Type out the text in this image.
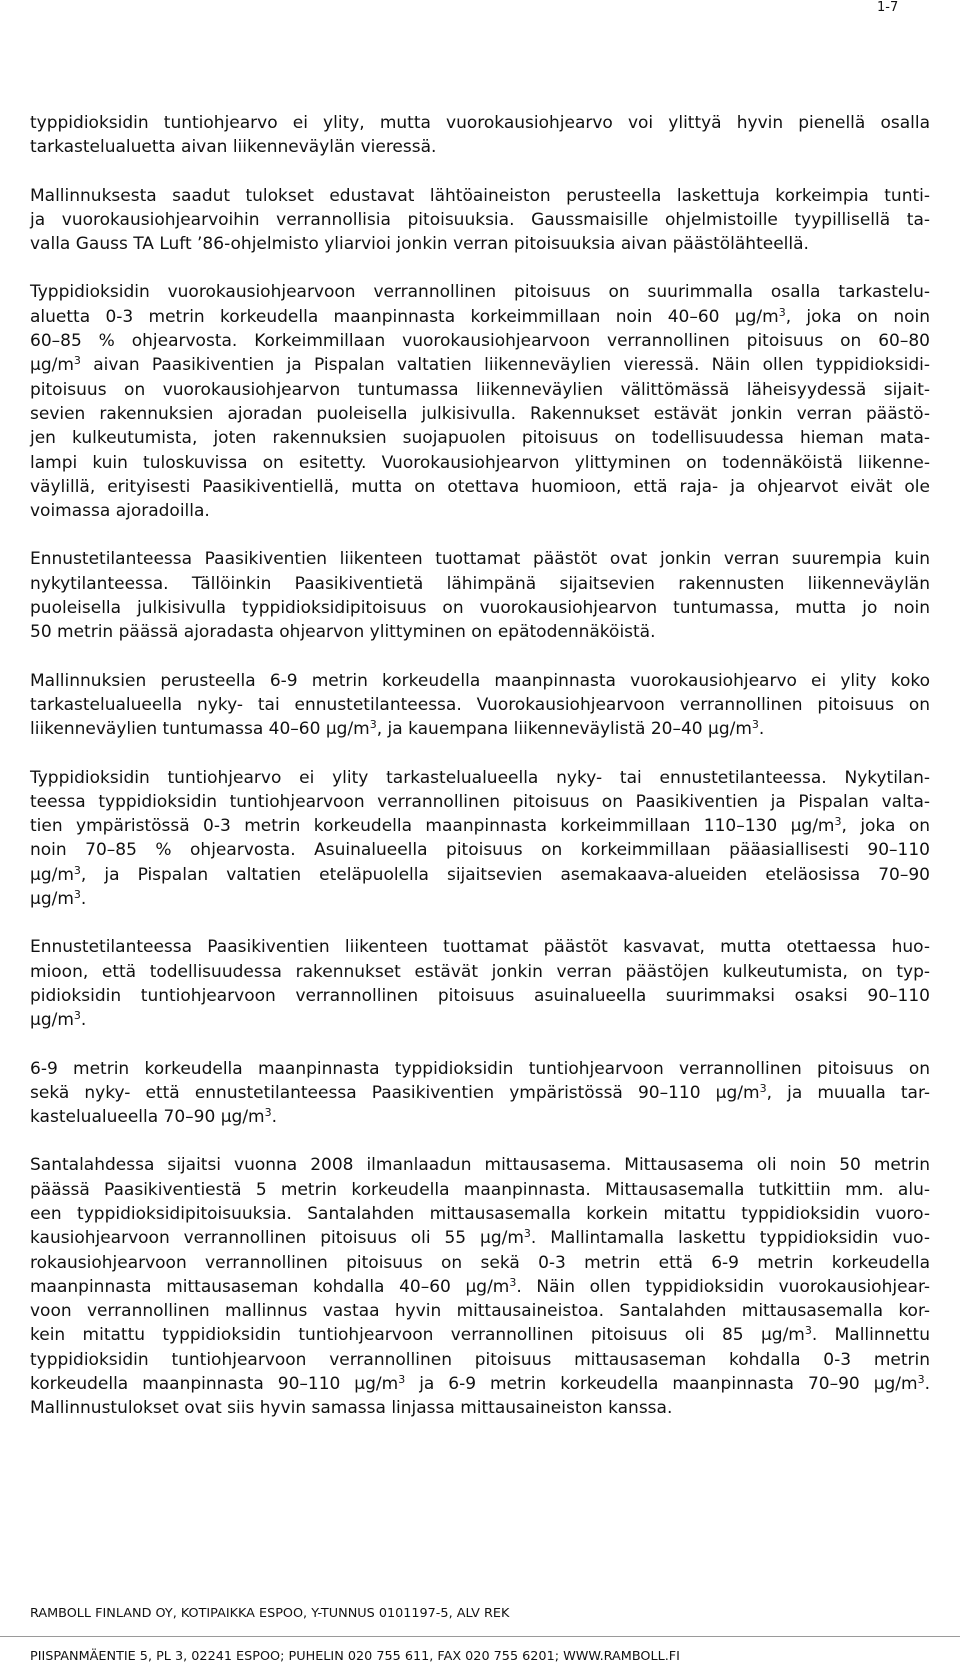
1-7
typpidioksidin tuntiohjearvo ei ylity, mutta vuorokausiohjearvo voi ylittyä hyvin pienellä osalla
tarkastelualuetta aivan liikenneväylän vieressä.
Mallinnuksesta saadut tulokset edustavat lähtöaineiston perusteella laskettuja korkeimpia tunti-
ja vuorokausiohjearvoihin verrannollisia pitoisuuksia. Gaussmaisille ohjelmistoille tyypillisellä ta-
valla Gauss TA Luft ’86-ohjelmisto yliarvioi jonkin verran pitoisuuksia aivan päästölähteellä.
Typpidioksidin vuorokausiohjearvoon verrannollinen pitoisuus on suurimmalla osalla tarkastelu-
aluetta 0-3 metrin korkeudella maanpinnasta korkeimmillaan noin 40–60 $\mu g/m^3$, joka on noin
60–85 % ohjearvosta. Korkeimmillaan vuorokausiohjearvoon verrannollinen pitoisuus on 60–80
$\mu g/m^3$ aivan Paasikiventien ja Pispalan valtatien liikenneväylien vieressä. Näin ollen typpidioksidi-
pitoisuus on vuorokausiohjearvon tuntumassa liikenneväylien välittömässä läheisyydessä sijait-
sevien rakennuksien ajoradan puoleisella julkisivulla. Rakennukset estävät jonkin verran päästö-
jen kulkeutumista, joten rakennuksien suojapuolen pitoisuus on todellisuudessa hieman mata-
lampi kuin tuloskuvissa on esitetty. Vuorokausiohjearvon ylittyminen on todennäköistä liikenne-
väylillä, erityisesti Paasikiventiellä, mutta on otettava huomioon, että raja- ja ohjearvot eivät ole
voimassa ajoradoilla.
Ennustetilanteessa Paasikiventien liikenteen tuottamat päästöt ovat jonkin verran suurempia kuin
nykytilanteessa. Tällöinkin Paasikiventietä lähimpänä sijaitsevien rakennusten liikenneväylän
puoleisella julkisivulla typpidioksidipitoisuus on vuorokausiohjearvon tuntumassa, mutta jo noin
50 metrin päässä ajoradasta ohjearvon ylittyminen on epätodennäköistä.
Mallinnuksien perusteella 6-9 metrin korkeudella maanpinnasta vuorokausiohjearvo ei ylity koko
tarkastelualueella nyky- tai ennustetilanteessa. Vuorokausiohjearvoon verrannollinen pitoisuus on
liikenneväylien tuntumassa 40–60 $\mu g/m^3$, ja kauempana liikenneväylistä 20–40 $\mu g/m^3$.
Typpidioksidin tuntiohjearvo ei ylity tarkastelualueella nyky- tai ennustetilanteessa. Nykytilan-
teessa typpidioksidin tuntiohjearvoon verrannollinen pitoisuus on Paasikiventien ja Pispalan valta-
tien ympäristössä 0-3 metrin korkeudella maanpinnasta korkeimmillaan 110–130 $\mu g/m^3$, joka on
noin 70–85 % ohjearvosta. Asuinalueella pitoisuus on korkeimmillaan pääasiallisesti 90–110
$\mu g/m^3$, ja Pispalan valtatien eteläpuolella sijaitsevien asemakaava-alueiden eteläosissa 70–90
$\mu g/m^3$.
Ennustetilanteessa Paasikiventien liikenteen tuottamat päästöt kasvavat, mutta otettaessa huo-
mioon, että todellisuudessa rakennukset estävät jonkin verran päästöjen kulkeutumista, on typ-
pidioksidin tuntiohjearvoon verrannollinen pitoisuus asuinalueella suurimmaksi osaksi 90–110
$\mu g/m^3$.
6-9 metrin korkeudella maanpinnasta typpidioksidin tuntiohjearvoon verrannollinen pitoisuus on
sekä nyky- että ennustetilanteessa Paasikiventien ympäristössä 90–110 $\mu g/m^3$, ja muualla tar-
kastelualueella 70–90 $\mu g/m^3$.
Santalahdessa sijaitsi vuonna 2008 ilmanlaadun mittausasema. Mittausasema oli noin 50 metrin
päässä Paasikiventiestä 5 metrin korkeudella maanpinnasta. Mittausasemalla tutkittiin mm. alu-
een typpidioksidipitoisuuksia. Santalahden mittausasemalla korkein mitattu typpidioksidin vuoro-
kausiohjearvoon verrannollinen pitoisuus oli 55 $\mu g/m^3$. Mallintamalla laskettu typpidioksidin vuo-
rokausiohjearvoon verrannollinen pitoisuus on sekä 0-3 metrin että 6-9 metrin korkeudella
maanpinnasta mittausaseman kohdalla 40–60 $\mu g/m^3$. Näin ollen typpidioksidin vuorokausiohjear-
voon verrannollinen mallinnus vastaa hyvin mittausaineistoa. Santalahden mittausasemalla kor-
kein mitattu typpidioksidin tuntiohjearvoon verrannollinen pitoisuus oli 85 $\mu g/m^3$. Mallinnettu
typpidioksidin tuntiohjearvoon verrannollinen pitoisuus mittausaseman kohdalla 0-3 metrin
korkeudella maanpinnasta 90–110 $\mu g/m^3$ ja 6-9 metrin korkeudella maanpinnasta 70–90 $\mu g/m^3$.
Mallinnustulokset ovat siis hyvin samassa linjassa mittausaineiston kanssa.
RAMBOLL FINLAND OY, KOTIPAIKKA ESPOO, Y-TUNNUS 0101197-5, ALV REK
PIISPANMÄENTIE 5, PL 3, 02241 ESPOO; PUHELIN 020 755 611, FAX 020 755 6201; WWW.RAMBOLL.FI
